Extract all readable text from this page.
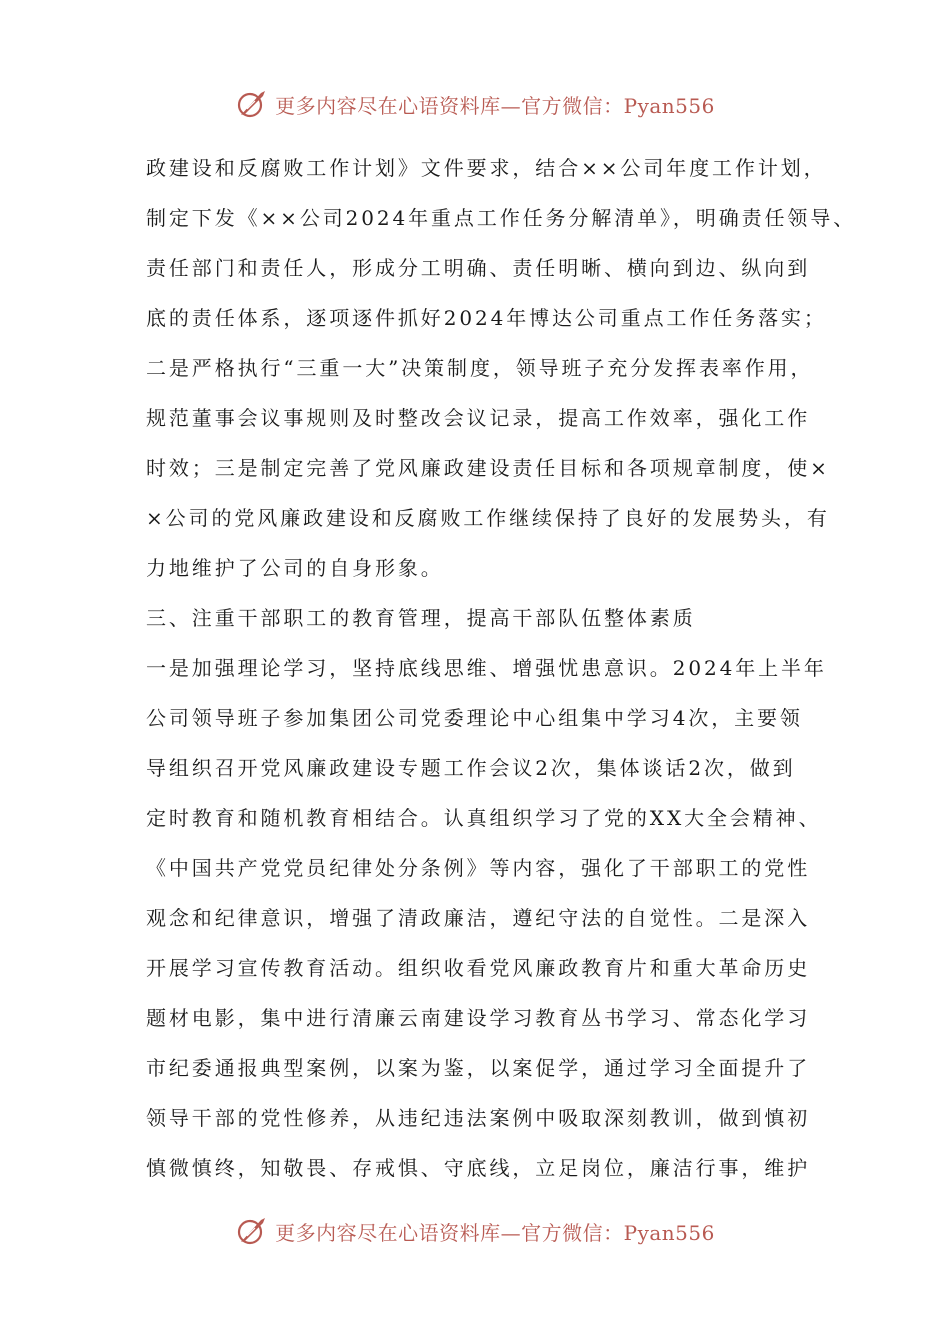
更多内容尽在心语资料库—官方微信：Pyan556
政建设和反腐败工作计划》文件要求，结合××公司年度工作计划，
制定下发《××公司2024年重点工作任务分解清单》，明确责任领导、
责任部门和责任人，形成分工明确、责任明晰、横向到边、纵向到
底的责任体系，逐项逐件抓好2024年博达公司重点工作任务落实；
二是严格执行“三重一大”决策制度，领导班子充分发挥表率作用，
规范董事会议事规则及时整改会议记录，提高工作效率，强化工作
时效；三是制定完善了党风廉政建设责任目标和各项规章制度，使×
×公司的党风廉政建设和反腐败工作继续保持了良好的发展势头，有
力地维护了公司的自身形象。
三、注重干部职工的教育管理，提高干部队伍整体素质
一是加强理论学习，坚持底线思维、增强忧患意识。2024年上半年
公司领导班子参加集团公司党委理论中心组集中学习4次，主要领
导组织召开党风廉政建设专题工作会议2次，集体谈话2次，做到
定时教育和随机教育相结合。认真组织学习了党的XX大全会精神、
《中国共产党党员纪律处分条例》等内容，强化了干部职工的党性
观念和纪律意识，增强了清政廉洁，遵纪守法的自觉性。二是深入
开展学习宣传教育活动。组织收看党风廉政教育片和重大革命历史
题材电影，集中进行清廉云南建设学习教育丛书学习、常态化学习
市纪委通报典型案例，以案为鉴，以案促学，通过学习全面提升了
领导干部的党性修养，从违纪违法案例中吸取深刻教训，做到慎初
慎微慎终，知敬畏、存戒惧、守底线，立足岗位，廉洁行事，维护
更多内容尽在心语资料库—官方微信：Pyan556
